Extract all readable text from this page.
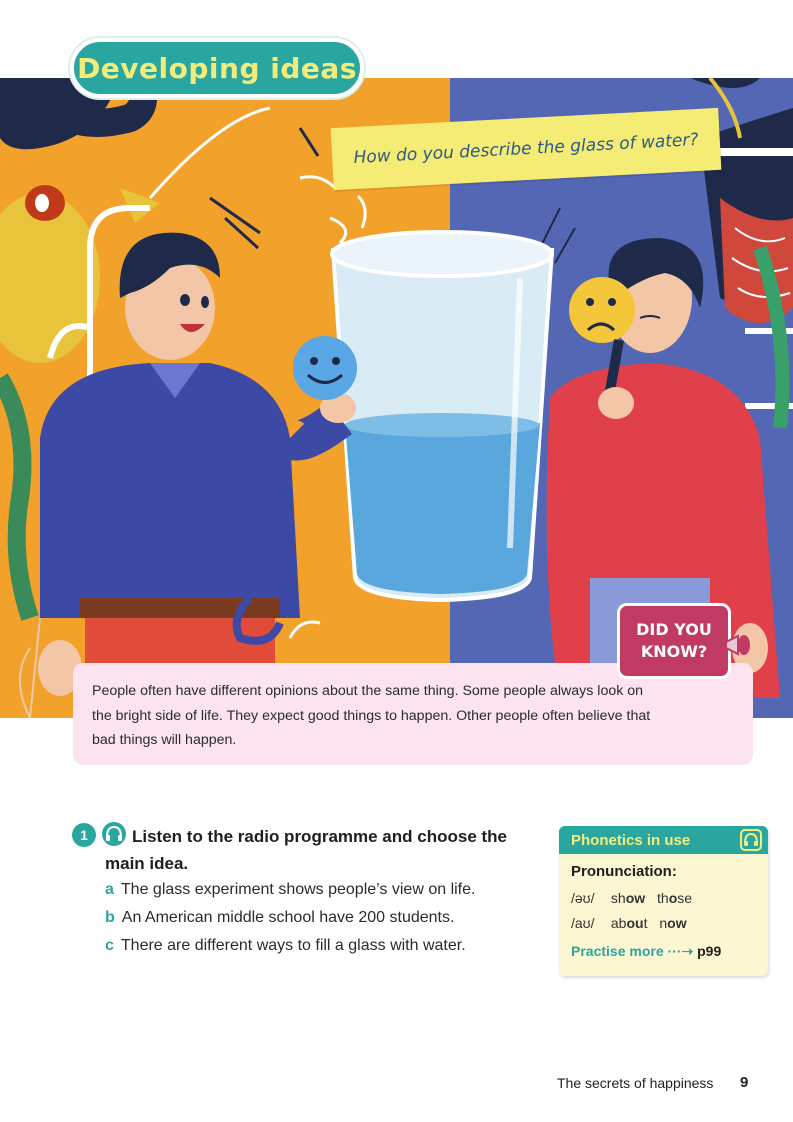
Developing ideas
How do you describe the glass of water?
DID YOU
KNOW?

People often have different opinions about the same thing. Some people always look on

the bright side of life. They expect good things to happen. Other people often believe that

bad things will happen.

1	Listen to the radio programme and choose the main idea.
a The glass experiment shows people’s view on life.
b An American middle school have 200 students.
c There are different ways to fill a glass with water.
Phonetics in use
Pronunciation:
/əʊ/ show those
/aʊ/ about now
Practise more ···➝ p99
The secrets of happiness 9
